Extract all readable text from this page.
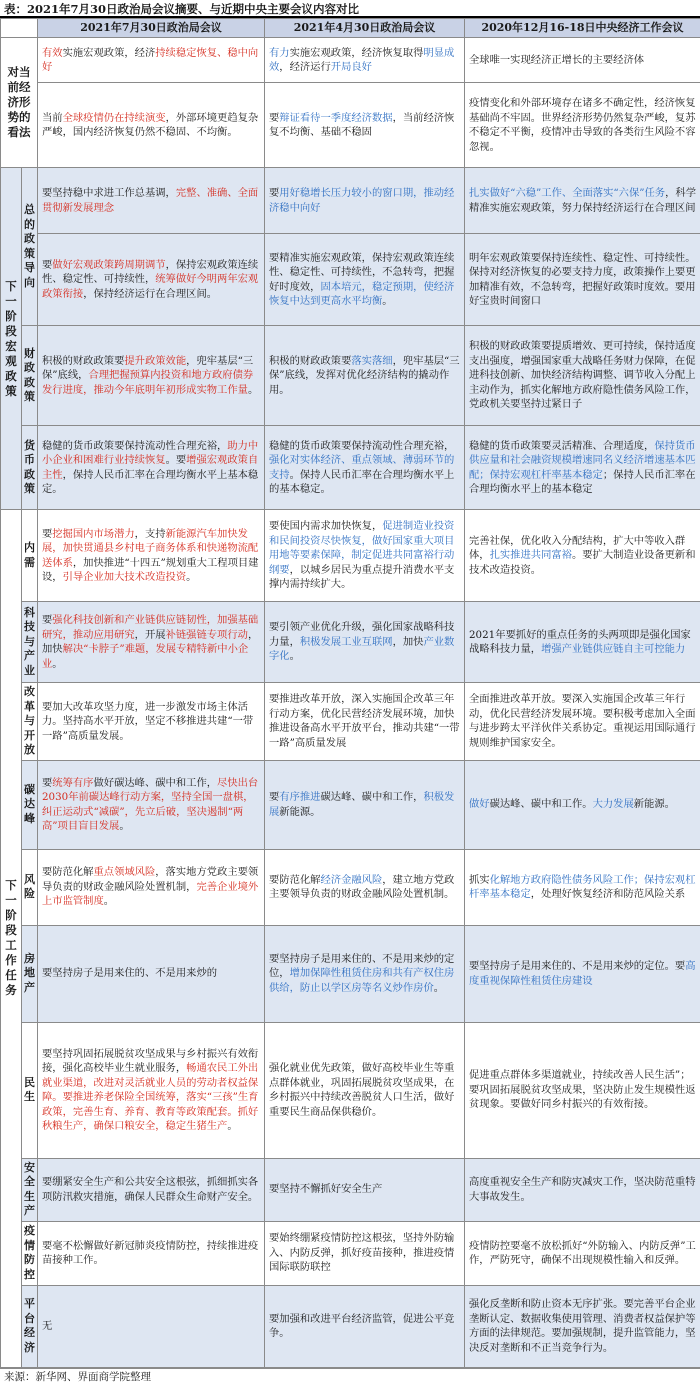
表：2021年7月30日政治局会议摘要、与近期中央主要会议内容对比
		2021年7月30日政治局会议	2021年4月30日政治局会议	2020年12月16-18日中央经济工作会议
对当前经济形势的看法		有效实施宏观政策，经济持续稳定恢复、稳中向好	有力实施宏观政策，经济恢复取得明显成效，经济运行开局良好	全球唯一实现经济正增长的主要经济体
		当前全球疫情仍在持续演变，外部环境更趋复杂严峻，国内经济恢复仍然不稳固、不均衡。	要辩证看待一季度经济数据，当前经济恢复不均衡、基础不稳固	疫情变化和外部环境存在诸多不确定性，经济恢复基础尚不牢固。世界经济形势仍然复杂严峻，复苏不稳定不平衡，疫情冲击导致的各类衍生风险不容忽视。
下一阶段宏观政策	总的政策导向	要坚持稳中求进工作总基调，完整、准确、全面贯彻新发展理念	要用好稳增长压力较小的窗口期，推动经济稳中向好	扎实做好“六稳”工作、全面落实“六保”任务，科学精准实施宏观政策，努力保持经济运行在合理区间
		要做好宏观政策跨周期调节，保持宏观政策连续性、稳定性、可持续性，统筹做好今明两年宏观政策衔接，保持经济运行在合理区间。	要精准实施宏观政策，保持宏观政策连续性、稳定性、可持续性，不急转弯，把握好时度效，固本培元，稳定预期，使经济恢复中达到更高水平均衡。	明年宏观政策要保持连续性、稳定性、可持续性。保持对经济恢复的必要支持力度，政策操作上要更加精准有效，不急转弯，把握好政策时度效。要用好宝贵时间窗口
	财政政策	积极的财政政策要提升政策效能，兜牢基层“三保”底线，合理把握预算内投资和地方政府债券发行进度，推动今年底明年初形成实物工作量。	积极的财政政策要落实落细，兜牢基层“三保”底线，发挥对优化经济结构的撬动作用。	积极的财政政策要提质增效、更可持续，保持适度支出强度，增强国家重大战略任务财力保障，在促进科技创新、加快经济结构调整、调节收入分配上主动作为，抓实化解地方政府隐性债务风险工作，党政机关要坚持过紧日子
	货币政策	稳健的货币政策要保持流动性合理充裕，助力中小企业和困难行业持续恢复。要增强宏观政策自主性，保持人民币汇率在合理均衡水平上基本稳定。	稳健的货币政策要保持流动性合理充裕，强化对实体经济、重点领域、薄弱环节的支持。保持人民币汇率在合理均衡水平上的基本稳定。	稳健的货币政策要灵活精准、合理适度，保持货币供应量和社会融资规模增速同名义经济增速基本匹配；保持宏观杠杆率基本稳定；保持人民币汇率在合理均衡水平上的基本稳定
下一阶段工作任务	内需	要挖掘国内市场潜力，支持新能源汽车加快发展，加快贯通县乡村电子商务体系和快递物流配送体系，加快推进“十四五”规划重大工程项目建设，引导企业加大技术改造投资。	要使国内需求加快恢复，促进制造业投资和民间投资尽快恢复，做好国家重大项目用地等要素保障，制定促进共同富裕行动纲要，以城乡居民为重点提升消费水平支撑内需持续扩大。	完善社保，优化收入分配结构，扩大中等收入群体，扎实推进共同富裕。要扩大制造业设备更新和技术改造投资。
	科技与产业	要强化科技创新和产业链供应链韧性，加强基础研究，推动应用研究，开展补链强链专项行动，加快解决“卡脖子”难题，发展专精特新中小企业。	要引领产业优化升级，强化国家战略科技力量，积极发展工业互联网，加快产业数字化。	2021年要抓好的重点任务的头两项即是强化国家战略科技力量，增强产业链供应链自主可控能力
	改革与开放	要加大改革攻坚力度，进一步激发市场主体活力。坚持高水平开放，坚定不移推进共建“一带一路”高质量发展。	要推进改革开放，深入实施国企改革三年行动方案，优化民营经济发展环境，加快推进设备高水平开放平台，推动共建“一带一路”高质量发展	全面推进改革开放。要深入实施国企改革三年行动，优化民营经济发展环境。要积极考虑加入全面与进步跨太平洋伙伴关系协定。重视运用国际通行规则维护国家安全。
	碳达峰	要统筹有序做好碳达峰、碳中和工作，尽快出台2030年前碳达峰行动方案，坚持全国一盘棋，纠正运动式“减碳”，先立后破，坚决遏制“两高”项目盲目发展。	要有序推进碳达峰、碳中和工作，积极发展新能源。	做好碳达峰、碳中和工作。大力发展新能源。
	风险	要防范化解重点领域风险，落实地方党政主要领导负责的财政金融风险处置机制，完善企业境外上市监管制度。	要防范化解经济金融风险，建立地方党政主要领导负责的财政金融风险处置机制。	抓实化解地方政府隐性债务风险工作；保持宏观杠杆率基本稳定，处理好恢复经济和防范风险关系
	房地产	要坚持房子是用来住的、不是用来炒的	要坚持房子是用来住的、不是用来炒的定位，增加保障性租赁住房和共有产权住房供给，防止以学区房等名义炒作房价。	要坚持房子是用来住的、不是用来炒的定位。要高度重视保障性租赁住房建设
	民生	要坚持巩固拓展脱贫攻坚成果与乡村振兴有效衔接，强化高校毕业生就业服务，畅通农民工外出就业渠道，改进对灵活就业人员的劳动者权益保障。要推进养老保险全国统筹，落实“三孩”生育政策，完善生育、养育、教育等政策配套。抓好秋粮生产，确保口粮安全，稳定生猪生产。	强化就业优先政策，做好高校毕业生等重点群体就业，巩固拓展脱贫攻坚成果，在乡村振兴中持续改善脱贫人口生活，做好重要民生商品保供稳价。	促进重点群体多渠道就业，持续改善人民生活”；要巩固拓展脱贫攻坚成果，坚决防止发生规模性返贫现象。要做好同乡村振兴的有效衔接。
	安全生产	要绷紧安全生产和公共安全这根弦，抓细抓实各项防汛救灾措施，确保人民群众生命财产安全。	要坚持不懈抓好安全生产	高度重视安全生产和防灾减灾工作，坚决防范重特大事故发生。
	疫情防控	要毫不松懈做好新冠肺炎疫情防控，持续推进疫苗接种工作。	要始终绷紧疫情防控这根弦，坚持外防输入、内防反弹，抓好疫苗接种，推进疫情国际联防联控	疫情防控要毫不放松抓好“外防输入、内防反弹”工作，严防死守，确保不出现规模性输入和反弹。
	平台经济	无	要加强和改进平台经济监管，促进公平竞争。	强化反垄断和防止资本无序扩张。要完善平台企业垄断认定、数据收集使用管理、消费者权益保护等方面的法律规范。要加强规制，提升监管能力，坚决反对垄断和不正当竞争行为。
来源：新华网、界面商学院整理
